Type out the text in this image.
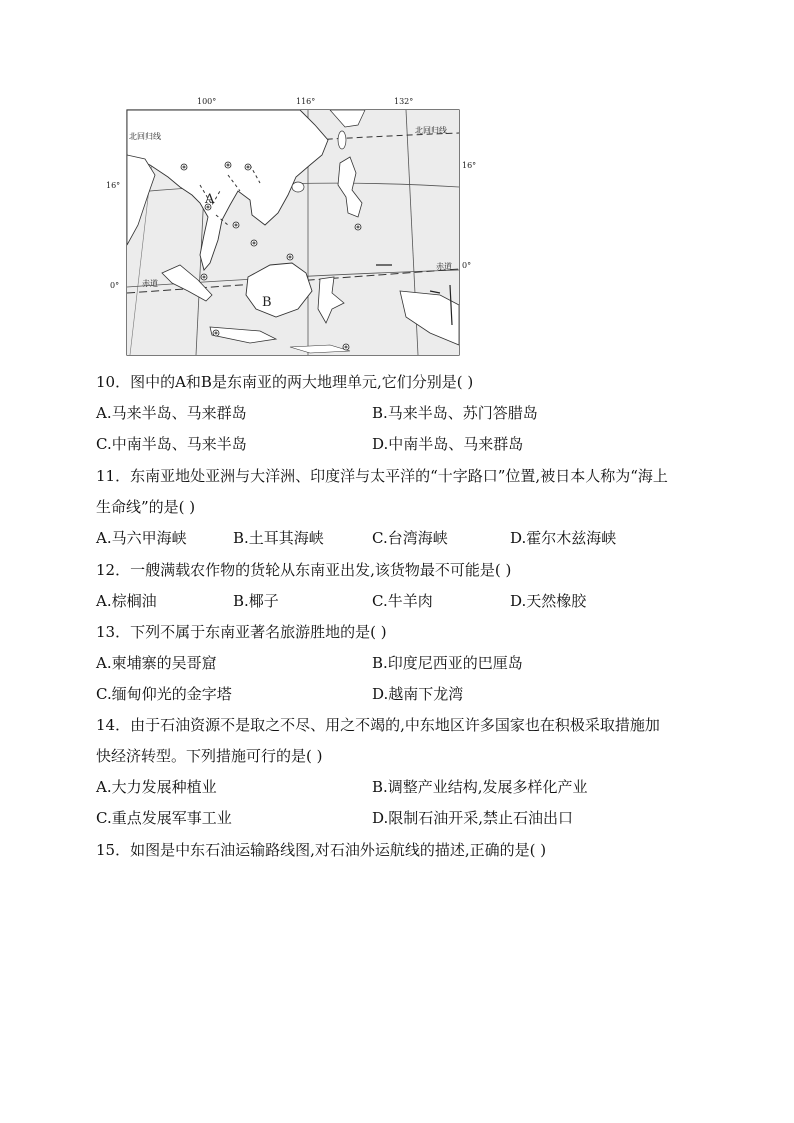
100°	116°	132°
16°
16°
0°
0°
北回归线
北回归线
赤道
赤道
A
B
10．图中的A和B是东南亚的两大地理单元,它们分别是( )
A.马来半岛、马来群岛	B.马来半岛、苏门答腊岛
C.中南半岛、马来半岛	D.中南半岛、马来群岛
11．东南亚地处亚洲与大洋洲、印度洋与太平洋的“十字路口”位置,被日本人称为“海上
生命线”的是( )
A.马六甲海峡	B.土耳其海峡	C.台湾海峡	D.霍尔木兹海峡
12．一艘满载农作物的货轮从东南亚出发,该货物最不可能是( )
A.棕榈油	B.椰子	C.牛羊肉	D.天然橡胶
13．下列不属于东南亚著名旅游胜地的是( )
A.柬埔寨的吴哥窟	B.印度尼西亚的巴厘岛
C.缅甸仰光的金字塔	D.越南下龙湾
14．由于石油资源不是取之不尽、用之不竭的,中东地区许多国家也在积极采取措施加
快经济转型。下列措施可行的是( )
A.大力发展种植业	B.调整产业结构,发展多样化产业
C.重点发展军事工业	D.限制石油开采,禁止石油出口
15．如图是中东石油运输路线图,对石油外运航线的描述,正确的是( )
